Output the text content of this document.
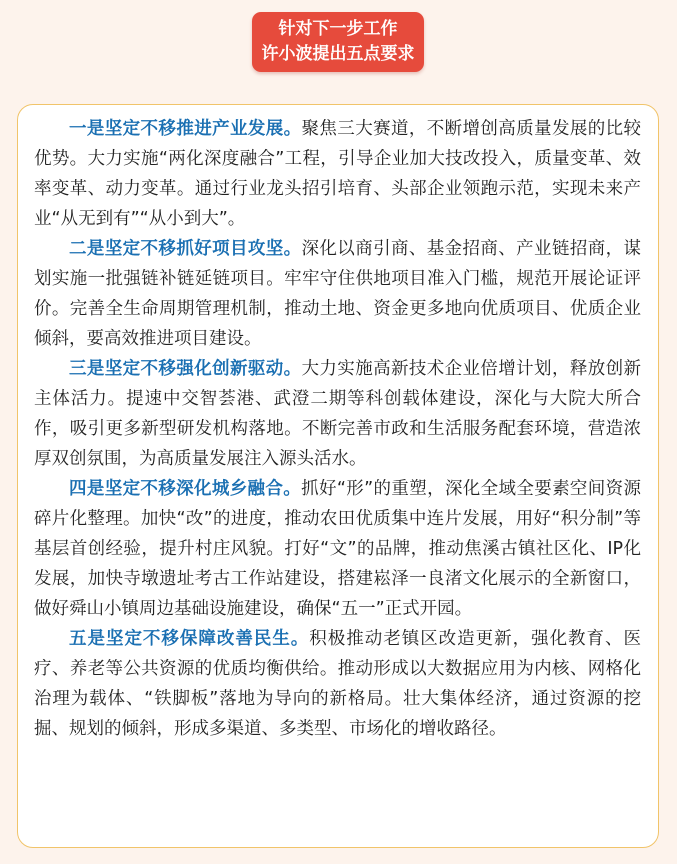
针对下一步工作
许小波提出五点要求

一是坚定不移推进产业发展。聚焦三大赛道，不断增创高质量发展的比较优势。大力实施“两化深度融合”工程，引导企业加大技改投入，质量变革、效率变革、动力变革。通过行业龙头招引培育、头部企业领跑示范，实现未来产业“从无到有”“从小到大”。

二是坚定不移抓好项目攻坚。深化以商引商、基金招商、产业链招商，谋划实施一批强链补链延链项目。牢牢守住供地项目准入门槛，规范开展论证评价。完善全生命周期管理机制，推动土地、资金更多地向优质项目、优质企业倾斜，要高效推进项目建设。

三是坚定不移强化创新驱动。大力实施高新技术企业倍增计划，释放创新主体活力。提速中交智荟港、武澄二期等科创载体建设，深化与大院大所合作，吸引更多新型研发机构落地。不断完善市政和生活服务配套环境，营造浓厚双创氛围，为高质量发展注入源头活水。

四是坚定不移深化城乡融合。抓好“形”的重塑，深化全域全要素空间资源碎片化整理。加快“改”的进度，推动农田优质集中连片发展，用好“积分制”等基层首创经验，提升村庄风貌。打好“文”的品牌，推动焦溪古镇社区化、IP化发展，加快寺墩遗址考古工作站建设，搭建崧泽一良渚文化展示的全新窗口，做好舜山小镇周边基础设施建设，确保“五一”正式开园。

五是坚定不移保障改善民生。积极推动老镇区改造更新，强化教育、医疗、养老等公共资源的优质均衡供给。推动形成以大数据应用为内核、网格化治理为载体、“铁脚板”落地为导向的新格局。壮大集体经济，通过资源的挖掘、规划的倾斜，形成多渠道、多类型、市场化的增收路径。
